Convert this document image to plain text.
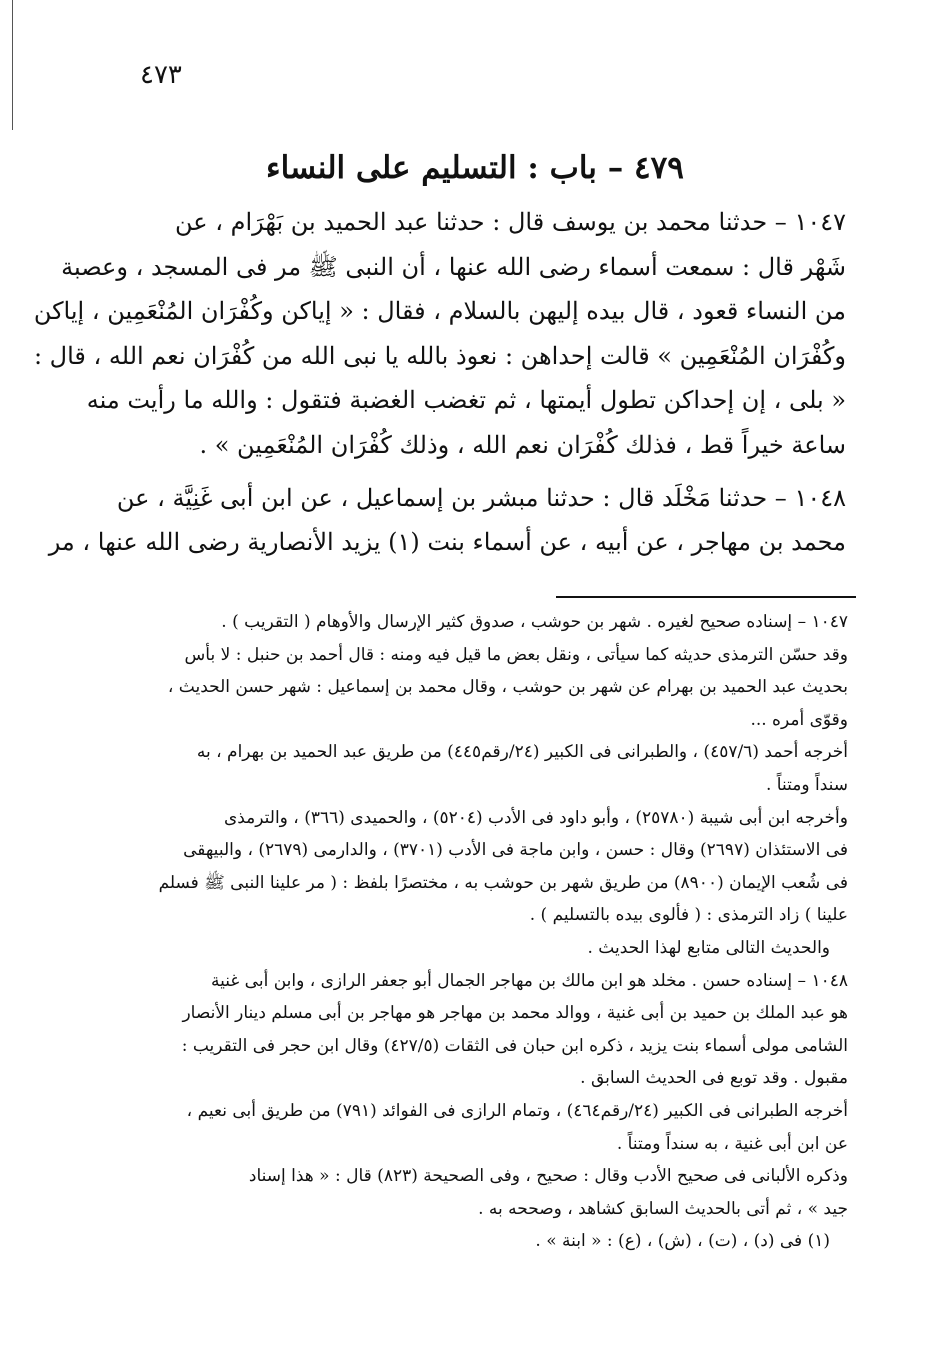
٤٧٣
٤٧٩ – باب : التسليم على النساء
١٠٤٧ – حدثنا محمد بن يوسف قال : حدثنا عبد الحميد بن بَهْرَام ، عن
شَهْر قال : سمعت أسماء رضى الله عنها ، أن النبى ﷺ مر فى المسجد ، وعصبة
من النساء قعود ، قال بيده إليهن بالسلام ، فقال : « إياكن وكُفْرَان المُنْعَمِين ، إياكن
وكُفْرَان المُنْعَمِين » قالت إحداهن : نعوذ بالله يا نبى الله من كُفْرَان نعم الله ، قال :
« بلى ، إن إحداكن تطول أيمتها ، ثم تغضب الغضبة فتقول : والله ما رأيت منه
ساعة خيراً قط ، فذلك كُفْرَان نعم الله ، وذلك كُفْرَان المُنْعَمِين » .
١٠٤٨ – حدثنا مَخْلَد قال : حدثنا مبشر بن إسماعيل ، عن ابن أبى غَنِيَّة ، عن
محمد بن مهاجر ، عن أبيه ، عن أسماء بنت (١) يزيد الأنصارية رضى الله عنها ، مر
١٠٤٧ – إسناده صحيح لغيره . شهر بن حوشب ، صدوق كثير الإرسال والأوهام ( التقريب ) .
وقد حسّن الترمذى حديثه كما سيأتى ، ونقل بعض ما قيل فيه ومنه : قال أحمد بن حنبل : لا بأس
بحديث عبد الحميد بن بهرام عن شهر بن حوشب ، وقال محمد بن إسماعيل : شهر حسن الحديث ،
وقوّى أمره ...
أخرجه أحمد (٤٥٧/٦) ، والطبرانى فى الكبير (٢٤/رقم٤٤٥) من طريق عبد الحميد بن بهرام ، به
سنداً ومتناً .
وأخرجه ابن أبى شيبة (٢٥٧٨٠) ، وأبو داود فى الأدب (٥٢٠٤) ، والحميدى (٣٦٦) ، والترمذى
فى الاستئذان (٢٦٩٧) وقال : حسن ، وابن ماجة فى الأدب (٣٧٠١) ، والدارمى (٢٦٧٩) ، والبيهقى
فى شُعب الإيمان (٨٩٠٠) من طريق شهر بن حوشب به ، مختصرًا بلفظ : ( مر علينا النبى ﷺ فسلم
علينا ) زاد الترمذى : ( فألوى بيده بالتسليم ) .
والحديث التالى متابع لهذا الحديث .
١٠٤٨ – إسناده حسن . مخلد هو ابن مالك بن مهاجر الجمال أبو جعفر الرازى ، وابن أبى غنية
هو عبد الملك بن حميد بن أبى غنية ، ووالد محمد بن مهاجر هو مهاجر بن أبى مسلم دينار الأنصار
الشامى مولى أسماء بنت يزيد ، ذكره ابن حبان فى الثقات (٤٢٧/٥) وقال ابن حجر فى التقريب :
مقبول . وقد توبع فى الحديث السابق .
أخرجه الطبرانى فى الكبير (٢٤/رقم٤٦٤) ، وتمام الرازى فى الفوائد (٧٩١) من طريق أبى نعيم ،
عن ابن أبى غنية ، به سنداً ومتناً .
وذكره الألبانى فى صحيح الأدب وقال : صحيح ، وفى الصحيحة (٨٢٣) قال : « هذا إسناد
جيد » ، ثم أتى بالحديث السابق كشاهد ، وصححه به .
(١) فى (د) ، (ت) ، (ش) ، (ع) : « ابنة » .
